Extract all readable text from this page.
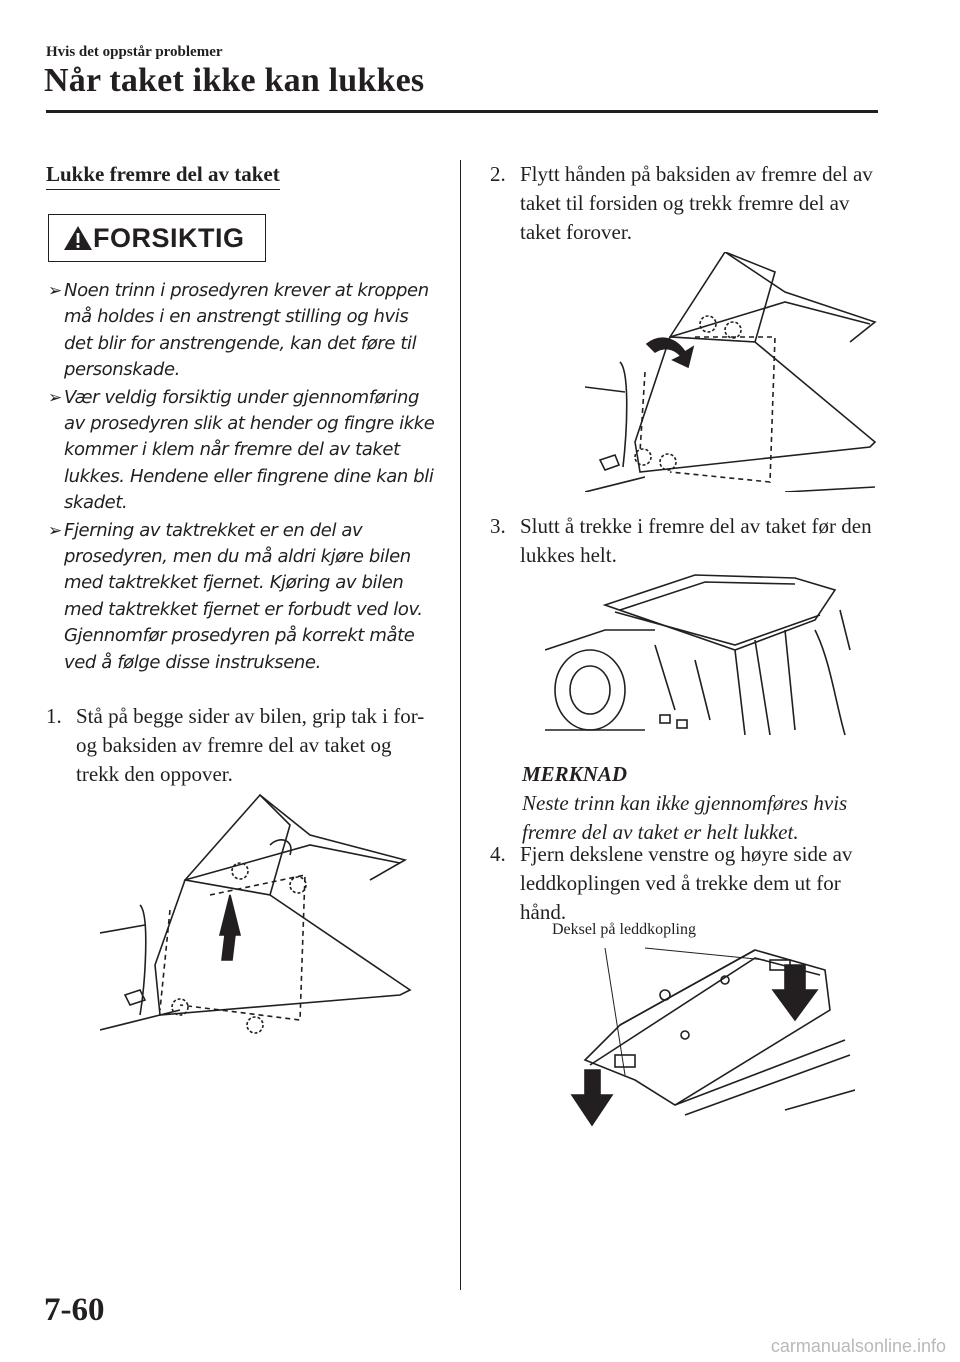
Hvis det oppstår problemer
Når taket ikke kan lukkes
Lukke fremre del av taket
FORSIKTIG
➢ Noen trinn i prosedyren krever at kroppen må holdes i en anstrengt stilling og hvis det blir for anstrengende, kan det føre til personskade.
➢ Vær veldig forsiktig under gjennomføring av prosedyren slik at hender og fingre ikke kommer i klem når fremre del av taket lukkes. Hendene eller fingrene dine kan bli skadet.
➢ Fjerning av taktrekket er en del av prosedyren, men du må aldri kjøre bilen med taktrekket fjernet. Kjøring av bilen med taktrekket fjernet er forbudt ved lov. Gjennomfør prosedyren på korrekt måte ved å følge disse instruksene.
1. Stå på begge sider av bilen, grip tak i for- og baksiden av fremre del av taket og trekk den oppover.
2. Flytt hånden på baksiden av fremre del av taket til forsiden og trekk fremre del av taket forover.
3. Slutt å trekke i fremre del av taket før den lukkes helt.
MERKNAD
Neste trinn kan ikke gjennomføres hvis fremre del av taket er helt lukket.
4. Fjern dekslene venstre og høyre side av leddkoplingen ved å trekke dem ut for hånd.
Deksel på leddkopling
7-60
carmanualsonline.info
